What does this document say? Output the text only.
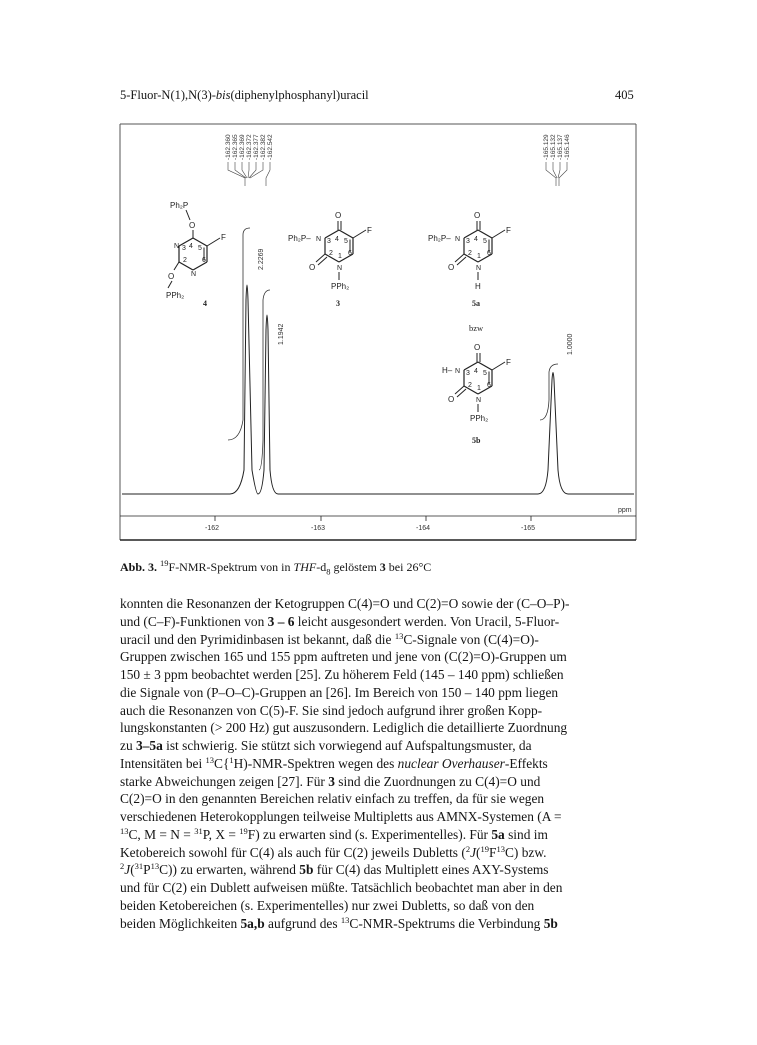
5-Fluor-N(1),N(3)-bis(diphenylphosphanyl)uracil	405
-162.360 -162.365 -162.369 -162.372 -162.377 -162.382 -162.542	-165.129 -165.132 -165.137 -165.146
2.2269
1.1942	1.0000
-162	-163	-164	-165
ppm
Ph₂P
O
F
N 3 4 5
2 6
N
O
PPh₂
4
O
F
Ph₂P– N 3 4 5
2 1 6
O	N
PPh₂
3
O
F
Ph₂P– N 3 4 5
2 1 6
O	N
H
5a
bzw
O
F
H– N 3 4 5
2 1 6
O	N
PPh₂
5b
Abb. 3. $^{19}$F-NMR-Spektrum von in THF-$d_8$ gelöstem 3 bei 26°C

konnten die Resonanzen der Ketogruppen C(4)=O und C(2)=O sowie der (C–O–P)-

und (C–F)-Funktionen von 3 – 6 leicht ausgesondert werden. Von Uracil, 5-Fluor-

uracil und den Pyrimidinbasen ist bekannt, daß die $^{13}$C-Signale von (C(4)=O)-

Gruppen zwischen 165 und 155 ppm auftreten und jene von (C(2)=O)-Gruppen um

150 ± 3 ppm beobachtet werden [25]. Zu höherem Feld (145 – 140 ppm) schließen

die Signale von (P–O–C)-Gruppen an [26]. Im Bereich von 150 – 140 ppm liegen

auch die Resonanzen von C(5)-F. Sie sind jedoch aufgrund ihrer großen Kopp-

lungskonstanten (> 200 Hz) gut auszusondern. Lediglich die detaillierte Zuordnung

zu 3–5a ist schwierig. Sie stützt sich vorwiegend auf Aufspaltungsmuster, da

Intensitäten bei $^{13}$C{$^1$H)-NMR-Spektren wegen des nuclear Overhauser-Effekts

starke Abweichungen zeigen [27]. Für 3 sind die Zuordnungen zu C(4)=O und

C(2)=O in den genannten Bereichen relativ einfach zu treffen, da für sie wegen

verschiedenen Heterokopplungen teilweise Multipletts aus AMNX-Systemen (A =

$^{13}$C, M = N = $^{31}$P, X = $^{19}$F) zu erwarten sind (s. Experimentelles). Für 5a sind im

Ketobereich sowohl für C(4) als auch für C(2) jeweils Dubletts ($^2J(^{19}F^{13}C)$ bzw.

$^2J(^{31}P^{13}C)$) zu erwarten, während 5b für C(4) das Multiplett eines AXY-Systems

und für C(2) ein Dublett aufweisen müßte. Tatsächlich beobachtet man aber in den

beiden Ketobereichen (s. Experimentelles) nur zwei Dubletts, so daß von den

beiden Möglichkeiten 5a,b aufgrund des $^{13}$C-NMR-Spektrums die Verbindung 5b
